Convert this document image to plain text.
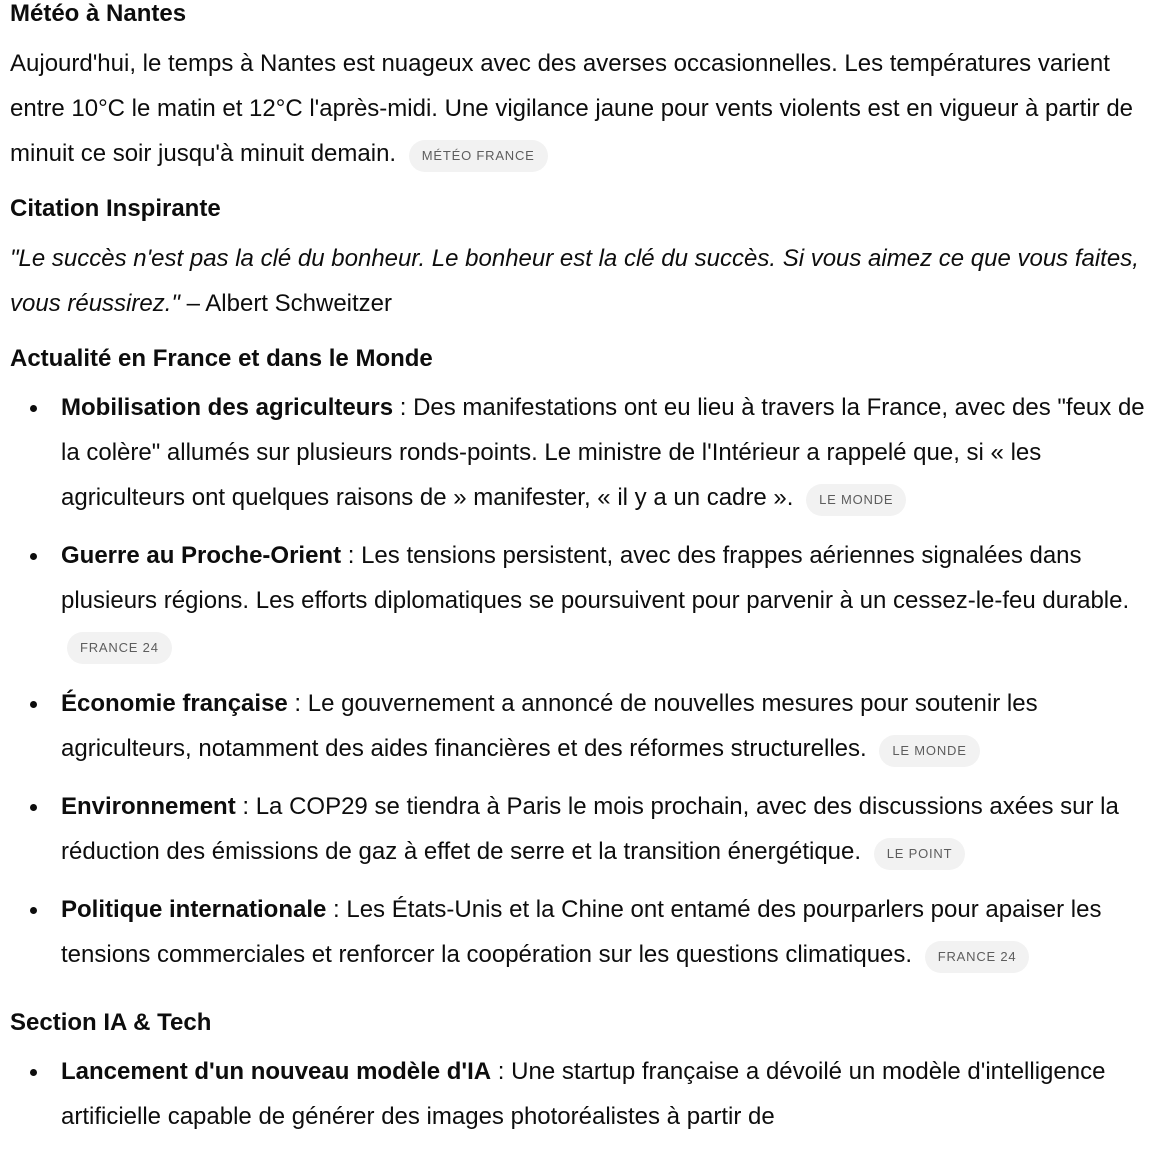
Météo à Nantes

Aujourd'hui, le temps à Nantes est nuageux avec des averses occasionnelles. Les températures varient entre 10°C le matin et 12°C l'après-midi. Une vigilance jaune pour vents violents est en vigueur à partir de minuit ce soir jusqu'à minuit demain. MÉTÉO FRANCE

Citation Inspirante

"Le succès n'est pas la clé du bonheur. Le bonheur est la clé du succès. Si vous aimez ce que vous faites, vous réussirez." – Albert Schweitzer

Actualité en France et dans le Monde
Mobilisation des agriculteurs : Des manifestations ont eu lieu à travers la France, avec des "feux de la colère" allumés sur plusieurs ronds-points. Le ministre de l'Intérieur a rappelé que, si « les agriculteurs ont quelques raisons de » manifester, « il y a un cadre ». LE MONDE
Guerre au Proche-Orient : Les tensions persistent, avec des frappes aériennes signalées dans plusieurs régions. Les efforts diplomatiques se poursuivent pour parvenir à un cessez-le-feu durable. FRANCE 24
Économie française : Le gouvernement a annoncé de nouvelles mesures pour soutenir les agriculteurs, notamment des aides financières et des réformes structurelles. LE MONDE
Environnement : La COP29 se tiendra à Paris le mois prochain, avec des discussions axées sur la réduction des émissions de gaz à effet de serre et la transition énergétique. LE POINT
Politique internationale : Les États-Unis et la Chine ont entamé des pourparlers pour apaiser les tensions commerciales et renforcer la coopération sur les questions climatiques. FRANCE 24
Section IA & Tech
Lancement d'un nouveau modèle d'IA : Une startup française a dévoilé un modèle d'intelligence artificielle capable de générer des images photoréalistes à partir de
